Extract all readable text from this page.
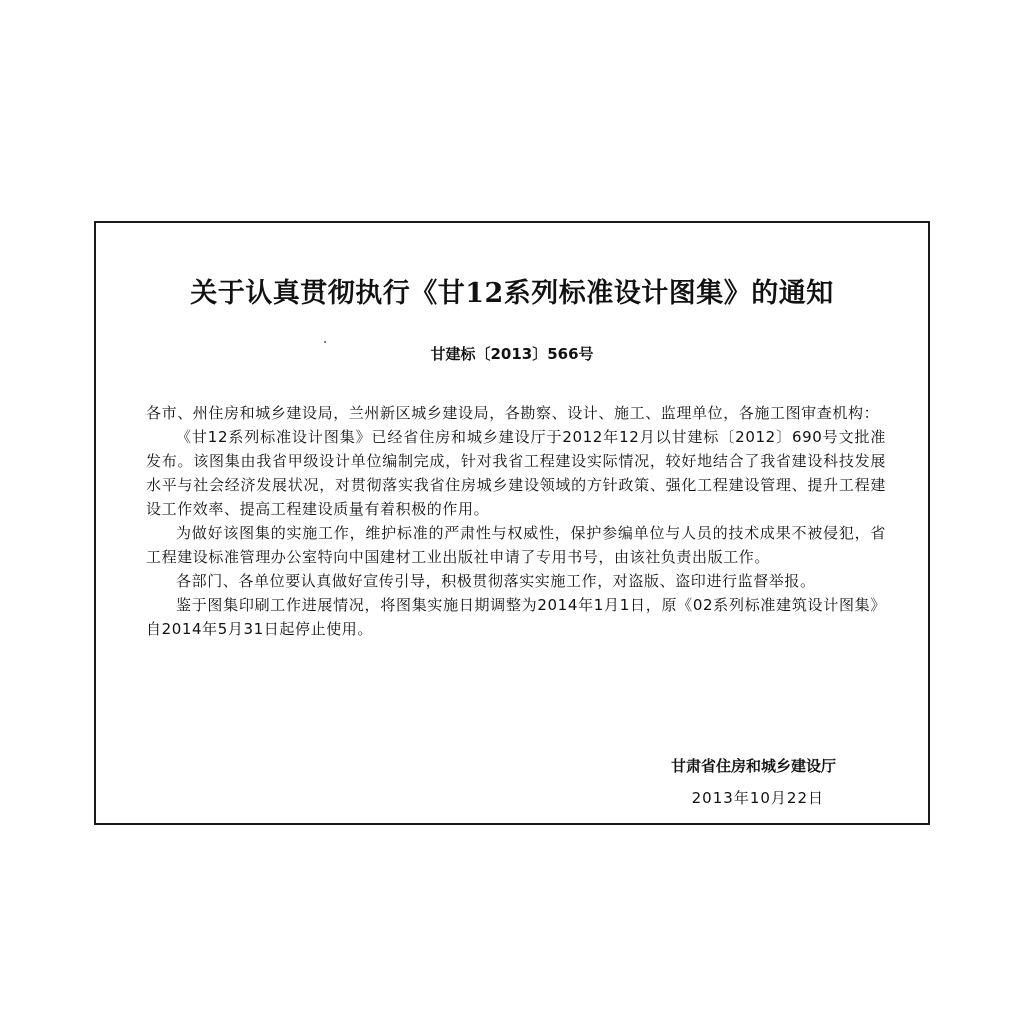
关于认真贯彻执行《甘12系列标准设计图集》的通知
甘建标〔2013〕566号

各市、州住房和城乡建设局，兰州新区城乡建设局，各勘察、设计、施工、监理单位，各施工图审查机构：

《甘12系列标准设计图集》已经省住房和城乡建设厅于2012年12月以甘建标〔2012〕690号文批准发布。该图集由我省甲级设计单位编制完成，针对我省工程建设实际情况，较好地结合了我省建设科技发展水平与社会经济发展状况，对贯彻落实我省住房城乡建设领域的方针政策、强化工程建设管理、提升工程建设工作效率、提高工程建设质量有着积极的作用。

为做好该图集的实施工作，维护标准的严肃性与权威性，保护参编单位与人员的技术成果不被侵犯，省工程建设标准管理办公室特向中国建材工业出版社申请了专用书号，由该社负责出版工作。

各部门、各单位要认真做好宣传引导，积极贯彻落实实施工作，对盗版、盗印进行监督举报。

鉴于图集印刷工作进展情况，将图集实施日期调整为2014年1月1日，原《02系列标准建筑设计图集》自2014年5月31日起停止使用。

甘肃省住房和城乡建设厅
2013年10月22日
